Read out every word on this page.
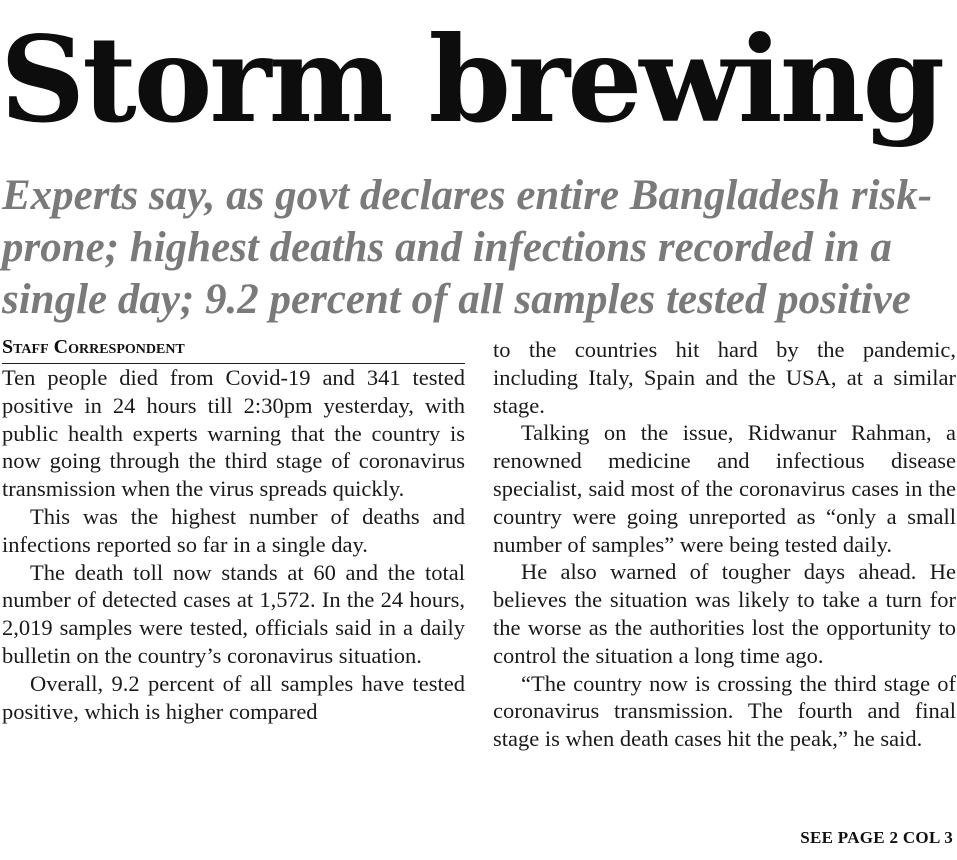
Storm brewing
Experts say, as govt declares entire Bangladesh risk-prone; highest deaths and infections recorded in a single day; 9.2 percent of all samples tested positive
Staff Correspondent

Ten people died from Covid-19 and 341 tested positive in 24 hours till 2:30pm yesterday, with public health experts warning that the country is now going through the third stage of coronavirus transmission when the virus spreads quickly.

This was the highest number of deaths and infections reported so far in a single day.

The death toll now stands at 60 and the total number of detected cases at 1,572. In the 24 hours, 2,019 samples were tested, officials said in a daily bulletin on the country’s coronavirus situation.

Overall, 9.2 percent of all samples have tested positive, which is higher compared

to the countries hit hard by the pandemic, including Italy, Spain and the USA, at a similar stage.

Talking on the issue, Ridwanur Rahman, a renowned medicine and infectious disease specialist, said most of the coronavirus cases in the country were going unreported as “only a small number of samples” were being tested daily.

He also warned of tougher days ahead. He believes the situation was likely to take a turn for the worse as the authorities lost the opportunity to control the situation a long time ago.

“The country now is crossing the third stage of coronavirus transmission. The fourth and final stage is when death cases hit the peak,” he said.

SEE PAGE 2 COL 3
